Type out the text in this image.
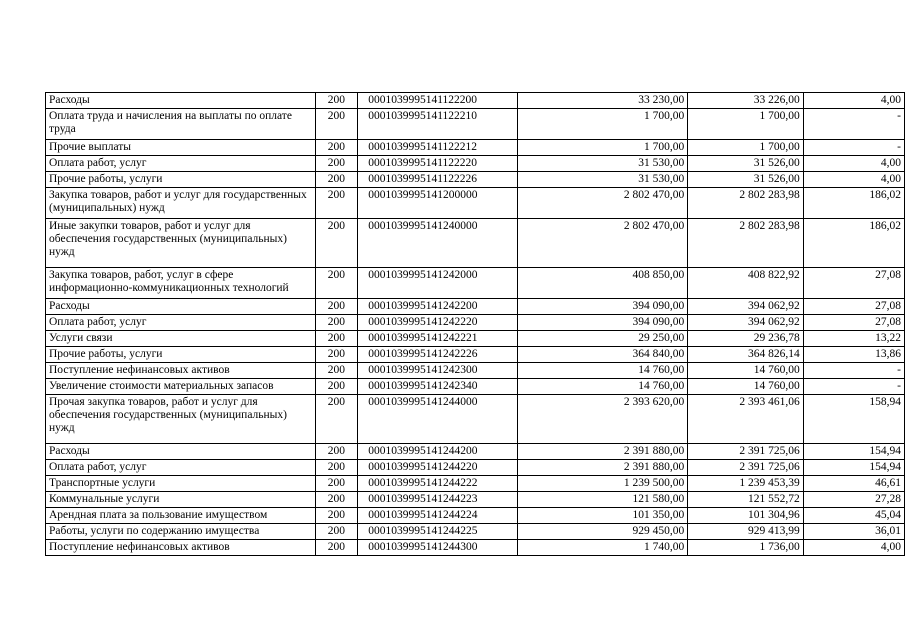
Расходы	200	0001039995141122200	33 230,00	33 226,00	4,00
Оплата труда и начисления на выплаты по оплате труда	200	0001039995141122210	1 700,00	1 700,00	-
Прочие выплаты	200	0001039995141122212	1 700,00	1 700,00	-
Оплата работ, услуг	200	0001039995141122220	31 530,00	31 526,00	4,00
Прочие работы, услуги	200	0001039995141122226	31 530,00	31 526,00	4,00
Закупка товаров, работ и услуг для государственных (муниципальных) нужд	200	0001039995141200000	2 802 470,00	2 802 283,98	186,02
Иные закупки товаров, работ и услуг для обеспечения государственных (муниципальных) нужд	200	0001039995141240000	2 802 470,00	2 802 283,98	186,02
Закупка товаров, работ, услуг в сфере информационно-коммуникационных технологий	200	0001039995141242000	408 850,00	408 822,92	27,08
Расходы	200	0001039995141242200	394 090,00	394 062,92	27,08
Оплата работ, услуг	200	0001039995141242220	394 090,00	394 062,92	27,08
Услуги связи	200	0001039995141242221	29 250,00	29 236,78	13,22
Прочие работы, услуги	200	0001039995141242226	364 840,00	364 826,14	13,86
Поступление нефинансовых активов	200	0001039995141242300	14 760,00	14 760,00	-
Увеличение стоимости материальных запасов	200	0001039995141242340	14 760,00	14 760,00	-
Прочая закупка товаров, работ и услуг для обеспечения государственных (муниципальных) нужд	200	0001039995141244000	2 393 620,00	2 393 461,06	158,94
Расходы	200	0001039995141244200	2 391 880,00	2 391 725,06	154,94
Оплата работ, услуг	200	0001039995141244220	2 391 880,00	2 391 725,06	154,94
Транспортные услуги	200	0001039995141244222	1 239 500,00	1 239 453,39	46,61
Коммунальные услуги	200	0001039995141244223	121 580,00	121 552,72	27,28
Арендная плата за пользование имуществом	200	0001039995141244224	101 350,00	101 304,96	45,04
Работы, услуги по содержанию имущества	200	0001039995141244225	929 450,00	929 413,99	36,01
Поступление нефинансовых активов	200	0001039995141244300	1 740,00	1 736,00	4,00
